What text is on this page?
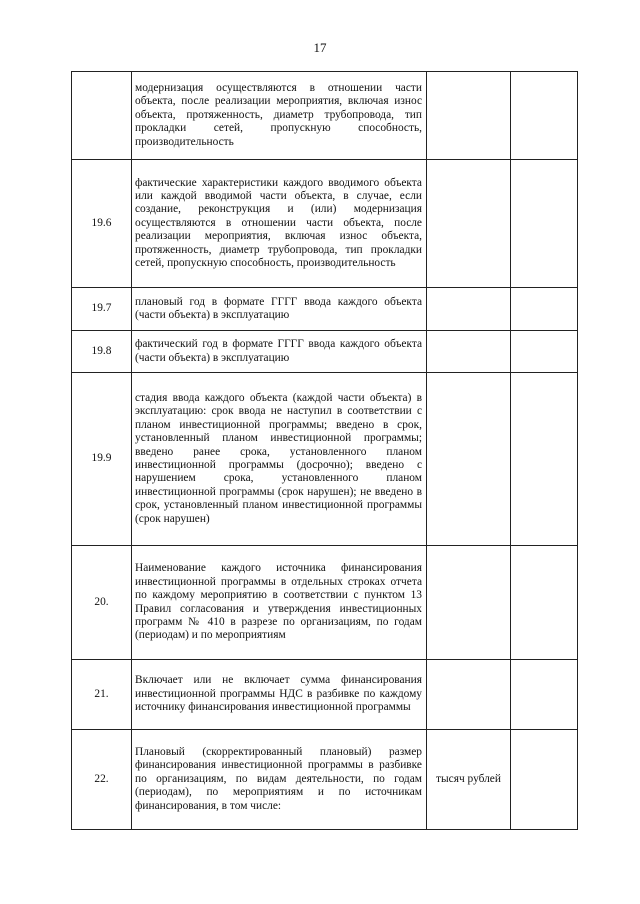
17
	модернизация осуществляются в отношении части объекта, после реализации мероприятия, включая износ объекта, протяженность, диаметр трубопровода, тип прокладки сетей, пропускную способность, производительность		
19.6	фактические характеристики каждого вводимого объекта или каждой вводимой части объекта, в случае, если создание, реконструкция и (или) модернизация осуществляются в отношении части объекта, после реализации мероприятия, включая износ объекта, протяженность, диаметр трубопровода, тип прокладки сетей, пропускную способность, производительность		
19.7	плановый год в формате ГГГГ ввода каждого объекта (части объекта) в эксплуатацию		
19.8	фактический год в формате ГГГГ ввода каждого объекта (части объекта) в эксплуатацию		
19.9	стадия ввода каждого объекта (каждой части объекта) в эксплуатацию: срок ввода не наступил в соответствии с планом инвестиционной программы; введено в срок, установленный планом инвестиционной программы; введено ранее срока, установленного планом инвестиционной программы (досрочно); введено с нарушением срока, установленного планом инвестиционной программы (срок нарушен); не введено в срок, установленный планом инвестиционной программы (срок нарушен)		
20.	Наименование каждого источника финансирования инвестиционной программы в отдельных строках отчета по каждому мероприятию в соответствии с пунктом 13 Правил согласования и утверждения инвестиционных программ № 410 в разрезе по организациям, по годам (периодам) и по мероприятиям		
21.	Включает или не включает сумма финансирования инвестиционной программы НДС в разбивке по каждому источнику финансирования инвестиционной программы		
22.	Плановый (скорректированный плановый) размер финансирования инвестиционной программы в разбивке по организациям, по видам деятельности, по годам (периодам), по мероприятиям и по источникам финансирования, в том числе:	тысяч рублей	
